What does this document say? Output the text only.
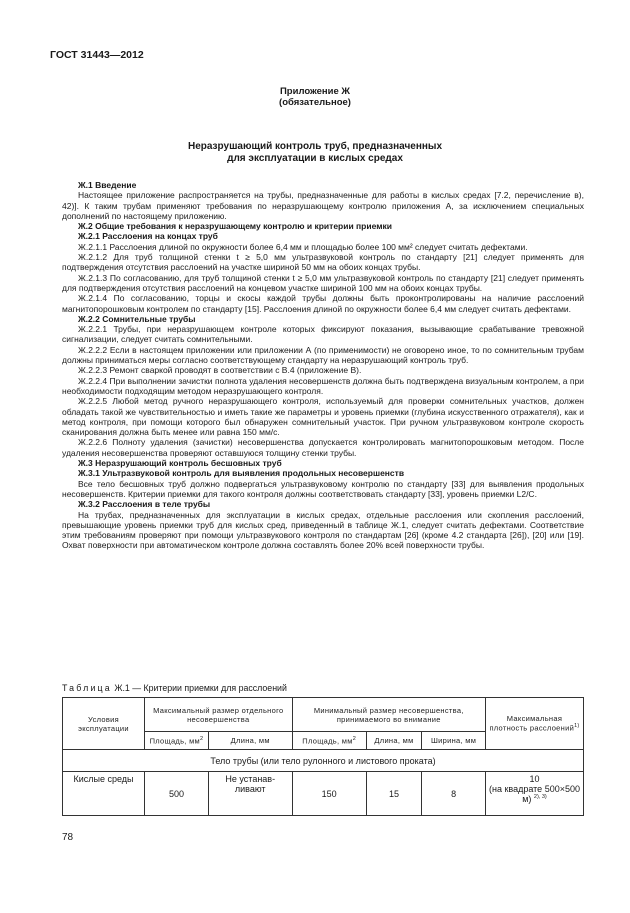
ГОСТ 31443—2012
Приложение Ж
(обязательное)
Неразрушающий контроль труб, предназначенных
для эксплуатации в кислых средах

Ж.1 Введение

Настоящее приложение распространяется на трубы, предназначенные для работы в кислых средах [7.2, перечисление в), 42)]. К таким трубам применяют требования по неразрушающему контролю приложения А, за исключением специальных дополнений по настоящему приложению.

Ж.2 Общие требования к неразрушающему контролю и критерии приемки

Ж.2.1 Расслоения на концах труб

Ж.2.1.1 Расслоения длиной по окружности более 6,4 мм и площадью более 100 мм² следует считать дефектами.

Ж.2.1.2 Для труб толщиной стенки t ≥ 5,0 мм ультразвуковой контроль по стандарту [21] следует применять для подтверждения отсутствия расслоений на участке шириной 50 мм на обоих концах трубы.

Ж.2.1.3 По согласованию, для труб толщиной стенки t ≥ 5,0 мм ультразвуковой контроль по стандарту [21] следует применять для подтверждения отсутствия расслоений на концевом участке шириной 100 мм на обоих концах трубы.

Ж.2.1.4 По согласованию, торцы и скосы каждой трубы должны быть проконтролированы на наличие расслоений магнитопорошковым контролем по стандарту [15]. Расслоения длиной по окружности более 6,4 мм следует считать дефектами.

Ж.2.2 Сомнительные трубы

Ж.2.2.1 Трубы, при неразрушающем контроле которых фиксируют показания, вызывающие срабатывание тревожной сигнализации, следует считать сомнительными.

Ж.2.2.2 Если в настоящем приложении или приложении А (по применимости) не оговорено иное, то по сомнительным трубам должны приниматься меры согласно соответствующему стандарту на неразрушающий контроль труб.

Ж.2.2.3 Ремонт сваркой проводят в соответствии с В.4 (приложение В).

Ж.2.2.4 При выполнении зачистки полнота удаления несовершенств должна быть подтверждена визуальным контролем, а при необходимости подходящим методом неразрушающего контроля.

Ж.2.2.5 Любой метод ручного неразрушающего контроля, используемый для проверки сомнительных участков, должен обладать такой же чувствительностью и иметь такие же параметры и уровень приемки (глубина искусственного отражателя), как и метод контроля, при помощи которого был обнаружен сомнительный участок. При ручном ультразвуковом контроле скорость сканирования должна быть менее или равна 150 мм/с.

Ж.2.2.6 Полноту удаления (зачистки) несовершенства допускается контролировать магнитопорошковым методом. После удаления несовершенства проверяют оставшуюся толщину стенки трубы.

Ж.3 Неразрушающий контроль бесшовных труб

Ж.3.1 Ультразвуковой контроль для выявления продольных несовершенств

Все тело бесшовных труб должно подвергаться ультразвуковому контролю по стандарту [33] для выявления продольных несовершенств. Критерии приемки для такого контроля должны соответствовать стандарту [33], уровень приемки L2/C.

Ж.3.2 Расслоения в теле трубы

На трубах, предназначенных для эксплуатации в кислых средах, отдельные расслоения или скопления расслоений, превышающие уровень приемки труб для кислых сред, приведенный в таблице Ж.1, следует считать дефектами. Соответствие этим требованиям проверяют при помощи ультразвукового контроля по стандартам [26] (кроме 4.2 стандарта [26]), [20] или [19]. Охват поверхности при автоматическом контроле должна составлять более 20% всей поверхности трубы.

Таблица Ж.1 — Критерии приемки для расслоений
Условия эксплуатации	Максимальный размер отдельного несовершенства		Минимальный размер несовершенства, принимаемого во внимание			Максимальная плотность расслоений$^{1)}$
	Площадь, $мм^2$	Длина, мм	Площадь, $мм^2$	Длина, мм	Ширина, мм	
Тело трубы (или тело рулонного и листового проката)						
Кислые среды	500	Не устанав-ливают	150	15	8	10
(на квадрате 500×500 м) $^{2), 3)}$
78
